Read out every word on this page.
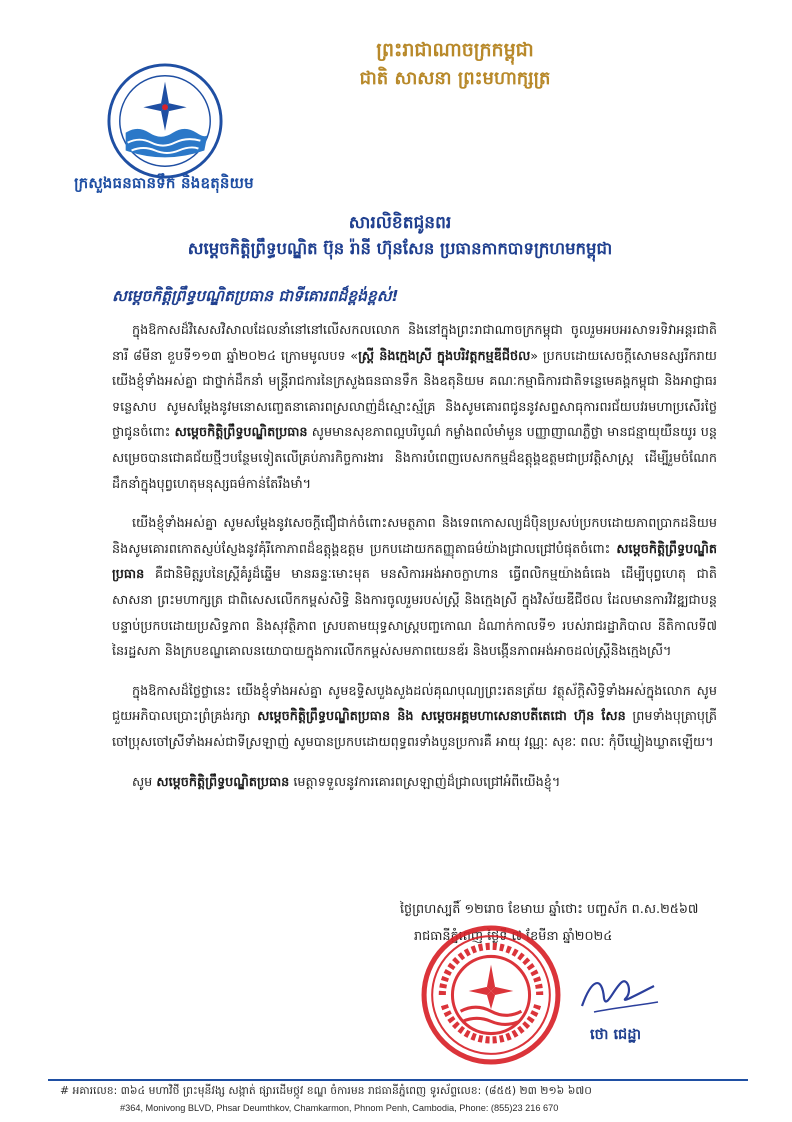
ក្រសួងធនធានទឹក និងឧតុនិយម
ព្រះរាជាណាចក្រកម្ពុជា
ជាតិ សាសនា ព្រះមហាក្សត្រ
សារលិខិតជូនពរ
សម្តេចកិត្តិព្រឹទ្ធបណ្ឌិត ប៊ុន រ៉ានី ហ៊ុនសែន ប្រធានកាកបាទក្រហមកម្ពុជា
សម្តេចកិត្តិព្រឹទ្ធបណ្ឌិតប្រធាន ជាទីគោរពដ៏ខ្ពង់ខ្ពស់!

ក្នុងឱកាសដ៏វិសេសវិសាលដែលនាំនៅនៅលើសកលលោក និងនៅក្នុងព្រះរាជាណាចក្រកម្ពុជា ចូលរួមអបអរសាទរទិវាអន្តរជាតិនារី ៨មីនា ខួបទី១១៣ ឆ្នាំ២០២៤ ក្រោមមូលបទ «ស្ត្រី និងក្មេងស្រី ក្នុងបរិវត្តកម្មឌីជីថល» ប្រកបដោយសេចក្តីសោមនស្សរីករាយ យើងខ្ញុំទាំងអស់គ្នា ជាថ្នាក់ដឹកនាំ មន្ត្រីរាជការនៃក្រសួងធនធានទឹក និងឧតុនិយម គណៈកម្មាធិការជាតិទន្លេមេគង្គកម្ពុជា និងអាជ្ញាធរទន្លេសាប សូមសម្តែងនូវមនោសញ្ចេតនាគោរពស្រលាញ់ដ៏ស្មោះស្ម័គ្រ និងសូមគោរពជូននូវសព្ទសាធុការពរជ័យបវរមហាប្រសើរថ្លៃថ្លាជូនចំពោះ សម្តេចកិត្តិព្រឹទ្ធបណ្ឌិតប្រធាន សូមមានសុខភាពល្អបរិបូណ៌ កម្លាំងពលំមាំមួន បញ្ញាញាណភ្លឺថ្លា មានជន្មាយុយឺនយូរ បន្តសម្រេចបានជោគជ័យថ្មីៗបន្ថែមទៀតលើគ្រប់ភារកិច្ចការងារ និងការបំពេញបេសកកម្មដ៏ឧត្តុង្គឧត្តមជាប្រវត្តិសាស្ត្រ ដើម្បីរួមចំណែកដឹកនាំក្នុងបុព្វហេតុមនុស្សធម៌កាន់តែរឹងមាំ។

យើងខ្ញុំទាំងអស់គ្នា សូមសម្តែងនូវសេចក្តីជឿជាក់ចំពោះសមត្ថភាព និងទេពកោសល្យដ៏ប៉ិនប្រសប់ប្រកបដោយភាពប្រាកដនិយម និងសូមគោរពកោតស្ញប់ស្ញែងនូវគុំរីកោភាពដ៏ឧត្តុង្គឧត្តម ប្រកបដោយកតញ្ញុតាធម៌យ៉ាងជ្រាលជ្រៅបំផុតចំពោះ សម្តេចកិត្តិព្រឹទ្ធបណ្ឌិតប្រធាន គឺជានិមិត្តរូបនៃស្ត្រីគំរូដ៏ឆ្នើម មានឆន្ទៈមោះមុត មនសិការអង់អាចក្លាហាន ធ្វើពលិកម្មយ៉ាងធំធេង ដើម្បីបុព្វហេតុ ជាតិ សាសនា ព្រះមហាក្សត្រ ជាពិសេសលើកកម្ពស់សិទ្ធិ និងការចូលរួមរបស់ស្ត្រី និងក្មេងស្រី ក្នុងវិស័យឌីជីថល ដែលមានការវិវឌ្ឍជាបន្តបន្ទាប់ប្រកបដោយប្រសិទ្ធភាព និងសុវត្ថិភាព ស្របតាមយុទ្ធសាស្ត្របញ្ចកោណ ដំណាក់កាលទី១ របស់រាជរដ្ឋាភិបាល នីតិកាលទី៧ នៃរដ្ឋសភា និងក្របខណ្ឌគោលនយោបាយក្នុងការលើកកម្ពស់សមភាពយេនឌ័រ និងបង្កើនភាពអង់អាចដល់ស្ត្រីនិងក្មេងស្រី។

ក្នុងឱកាសដ៏ថ្លៃថ្លានេះ យើងខ្ញុំទាំងអស់គ្នា សូមឧទ្ទិសបួងសួងដល់គុណបុណ្យព្រះរតនត្រ័យ វត្ថុស័ក្តិសិទ្ធិទាំងអស់ក្នុងលោក សូមជួយអភិបាលប្រោះព្រំគ្រង់រក្សា សម្តេចកិត្តិព្រឹទ្ធបណ្ឌិតប្រធាន និង សម្តេចអគ្គមហាសេនាបតីតេជោ ហ៊ុន សែន ព្រមទាំងបុត្រាបុត្រី ចៅប្រុសចៅស្រីទាំងអស់ជាទីស្រឡាញ់ សូមបានប្រកបដោយពុទ្ធពរទាំងបួនប្រការគឺ អាយុ វណ្ណៈ សុខៈ ពលៈ កុំបីឃ្លៀងឃ្លាតឡើយ។

សូម សម្តេចកិត្តិព្រឹទ្ធបណ្ឌិតប្រធាន មេត្តាទទួលនូវការគោរពស្រឡាញ់ដ៏ជ្រាលជ្រៅអំពីយើងខ្ញុំ។

ថ្ងៃព្រហស្បតិ៍ ១២រោច ខែមាឃ ឆ្នាំថោះ បញ្ចស័ក ព.ស.២៥៦៧
រាជធានីភ្នំពេញ ថ្ងៃទី ៧ ខែមីនា ឆ្នាំ២០២៤
ថោ ជេដ្ឋា
# អគារលេខ: ៣៦៤ មហាវិថី ព្រះមុនីវង្ស សង្កាត់ ផ្សារដើមថ្កូវ ខណ្ឌ ចំការមន រាជធានីភ្នំពេញ ទូរស័ព្ទលេខ: (៨៥៥) ២៣ ២១៦ ៦៧០
#364, Monivong BLVD, Phsar Deumthkov, Chamkarmon, Phnom Penh, Cambodia, Phone: (855)23 216 670
